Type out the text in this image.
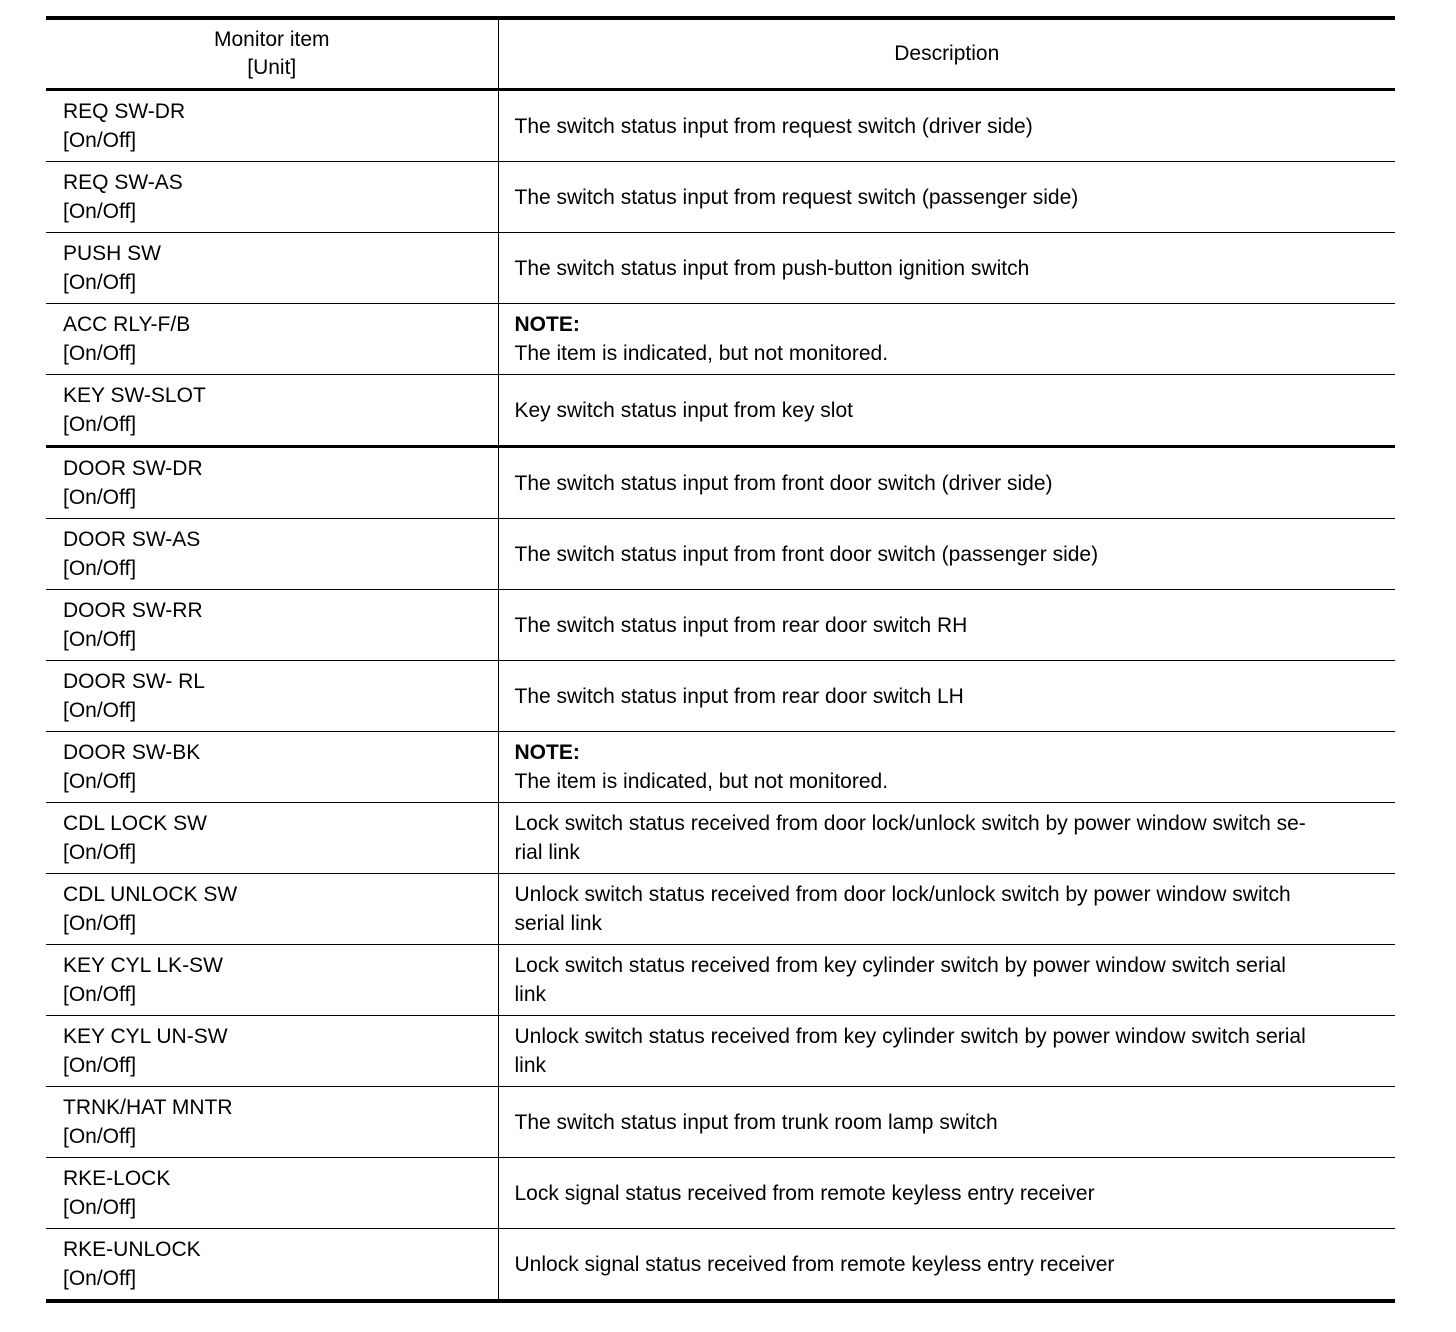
Monitor item
[Unit]	Description

REQ SW-DR
[On/Off]	The switch status input from request switch (driver side)

REQ SW-AS
[On/Off]	The switch status input from request switch (passenger side)

PUSH SW
[On/Off]	The switch status input from push-button ignition switch

ACC RLY-F/B
[On/Off]	NOTE:
The item is indicated, but not monitored.

KEY SW-SLOT
[On/Off]	Key switch status input from key slot

DOOR SW-DR
[On/Off]	The switch status input from front door switch (driver side)

DOOR SW-AS
[On/Off]	The switch status input from front door switch (passenger side)

DOOR SW-RR
[On/Off]	The switch status input from rear door switch RH

DOOR SW- RL
[On/Off]	The switch status input from rear door switch LH

DOOR SW-BK
[On/Off]	NOTE:
The item is indicated, but not monitored.

CDL LOCK SW
[On/Off]	Lock switch status received from door lock/unlock switch by power window switch se-
rial link

CDL UNLOCK SW
[On/Off]	Unlock switch status received from door lock/unlock switch by power window switch
serial link

KEY CYL LK-SW
[On/Off]	Lock switch status received from key cylinder switch by power window switch serial
link

KEY CYL UN-SW
[On/Off]	Unlock switch status received from key cylinder switch by power window switch serial
link

TRNK/HAT MNTR
[On/Off]	The switch status input from trunk room lamp switch

RKE-LOCK
[On/Off]	Lock signal status received from remote keyless entry receiver

RKE-UNLOCK
[On/Off]	Unlock signal status received from remote keyless entry receiver
